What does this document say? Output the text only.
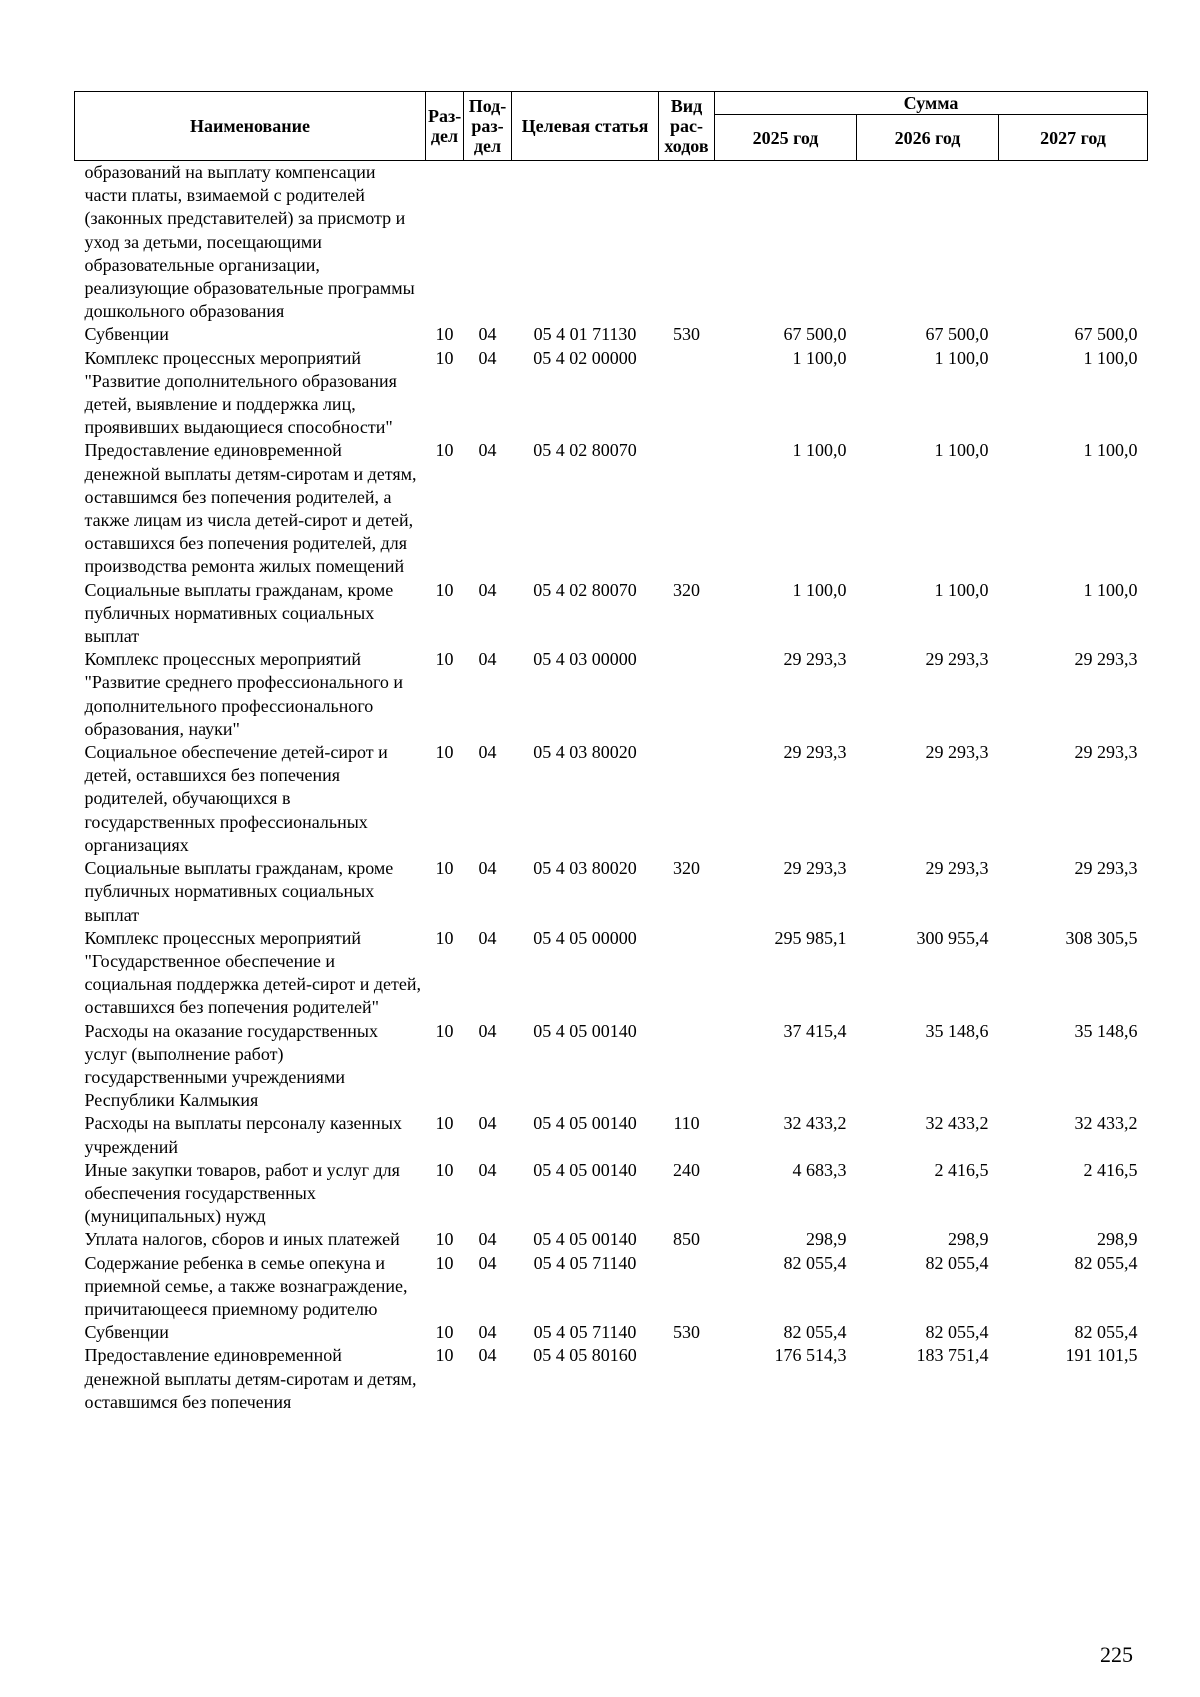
Наименование	Раз-дел	Под-раз-дел	Целевая статья	Вид рас-ходов	Сумма		
					2025 год	2026 год	2027 год
образований на выплату компенсации части платы, взимаемой с родителей (законных представителей) за присмотр и уход за детьми, посещающими образовательные организации, реализующие образовательные программы дошкольного образования							
Субвенции	10	04	05 4 01 71130	530	67 500,0	67 500,0	67 500,0
Комплекс процессных мероприятий "Развитие дополнительного образования детей, выявление и поддержка лиц, проявивших выдающиеся способности"	10	04	05 4 02 00000		1 100,0	1 100,0	1 100,0
Предоставление единовременной денежной выплаты детям-сиротам и детям, оставшимся без попечения родителей, а также лицам из числа детей-сирот и детей, оставшихся без попечения родителей, для производства ремонта жилых помещений	10	04	05 4 02 80070		1 100,0	1 100,0	1 100,0
Социальные выплаты гражданам, кроме публичных нормативных социальных выплат	10	04	05 4 02 80070	320	1 100,0	1 100,0	1 100,0
Комплекс процессных мероприятий "Развитие среднего профессионального и дополнительного профессионального образования, науки"	10	04	05 4 03 00000		29 293,3	29 293,3	29 293,3
Социальное обеспечение детей-сирот и детей, оставшихся без попечения родителей, обучающихся в государственных профессиональных организациях	10	04	05 4 03 80020		29 293,3	29 293,3	29 293,3
Социальные выплаты гражданам, кроме публичных нормативных социальных выплат	10	04	05 4 03 80020	320	29 293,3	29 293,3	29 293,3
Комплекс процессных мероприятий "Государственное обеспечение и социальная поддержка детей-сирот и детей, оставшихся без попечения родителей"	10	04	05 4 05 00000		295 985,1	300 955,4	308 305,5
Расходы на оказание государственных услуг (выполнение работ) государственными учреждениями Республики Калмыкия	10	04	05 4 05 00140		37 415,4	35 148,6	35 148,6
Расходы на выплаты персоналу казенных учреждений	10	04	05 4 05 00140	110	32 433,2	32 433,2	32 433,2
Иные закупки товаров, работ и услуг для обеспечения государственных (муниципальных) нужд	10	04	05 4 05 00140	240	4 683,3	2 416,5	2 416,5
Уплата налогов, сборов и иных платежей	10	04	05 4 05 00140	850	298,9	298,9	298,9
Содержание ребенка в семье опекуна и приемной семье, а также вознаграждение, причитающееся приемному родителю	10	04	05 4 05 71140		82 055,4	82 055,4	82 055,4
Субвенции	10	04	05 4 05 71140	530	82 055,4	82 055,4	82 055,4
Предоставление единовременной денежной выплаты детям-сиротам и детям, оставшимся без попечения	10	04	05 4 05 80160		176 514,3	183 751,4	191 101,5
225
